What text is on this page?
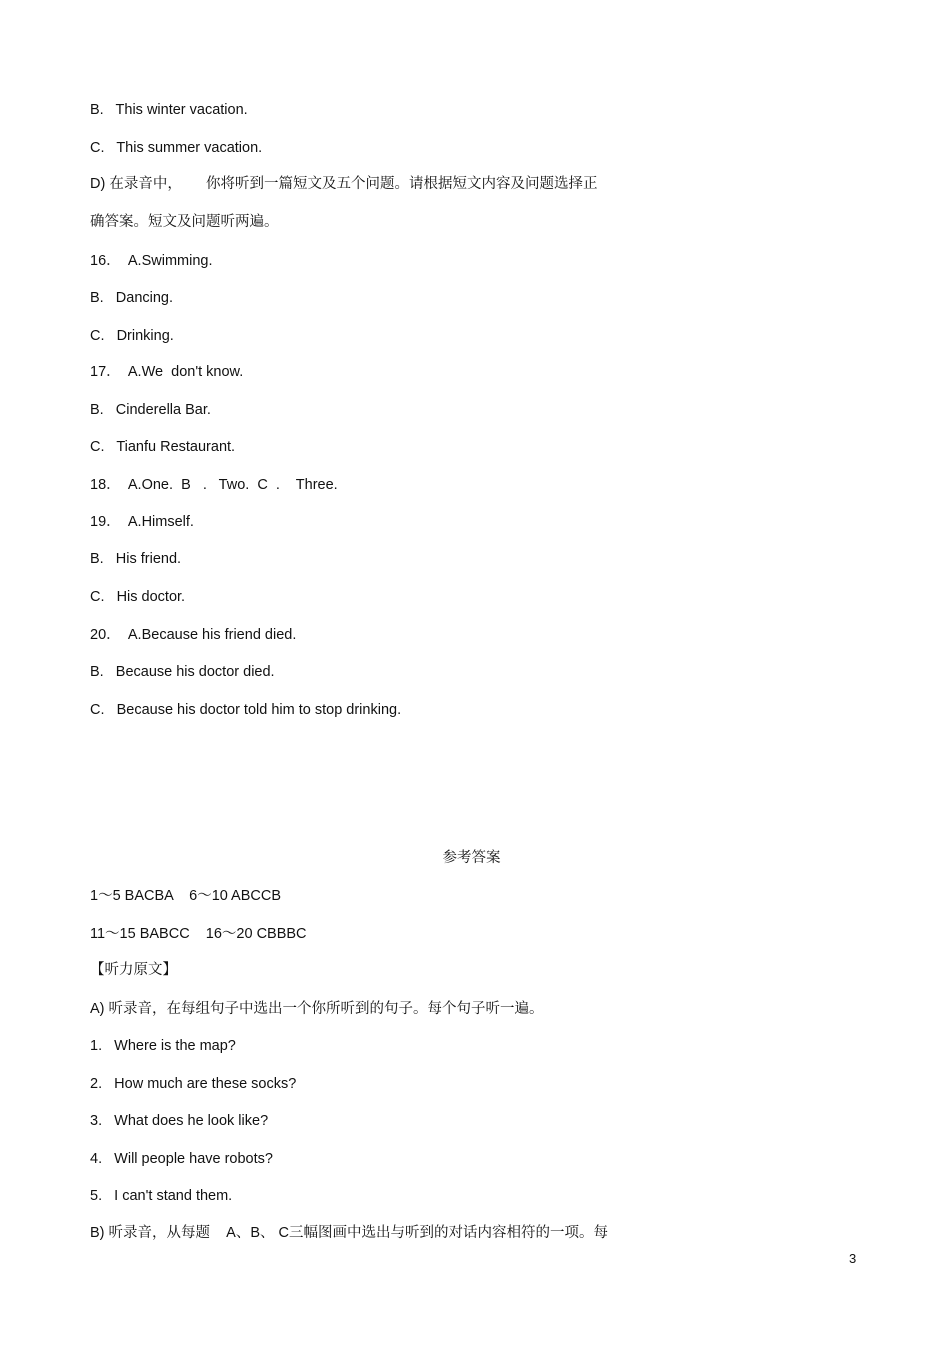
B.   This winter vacation.
C.   This summer vacation.
D) 在录音中，      你将听到一篇短文及五个问题。请根据短文内容及问题选择正
确答案。短文及问题听两遍。
16．  A.Swimming.
B.   Dancing.
C.   Drinking.
17．  A.We  don't know.
B.   Cinderella Bar.
C.   Tianfu Restaurant.
18．  A.One.  B   .   Two.  C  .    Three.
19．  A.Himself.
B.   His friend.
C.   His doctor.
20．  A.Because his friend died.
B.   Because his doctor died.
C.   Because his doctor told him to stop drinking.
参考答案
1～5 BACBA    6～10 ABCCB
11～15 BABCC    16～20 CBBBC
【听力原文】
A) 听录音，在每组句子中选出一个你所听到的句子。每个句子听一遍。
1.   Where is the map?
2.   How much are these socks?
3.   What does he look like?
4.   Will people have robots?
5.   I can't stand them.
B) 听录音，从每题    A、B、 C三幅图画中选出与听到的对话内容相符的一项。每
3
